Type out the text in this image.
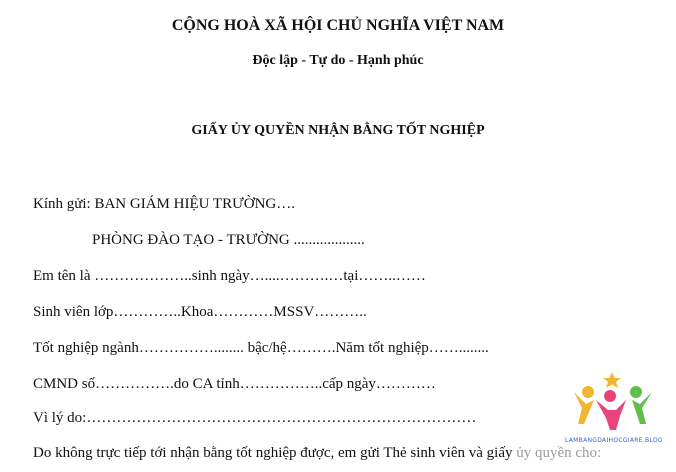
CỘNG HOÀ XÃ HỘI CHỦ NGHĨA VIỆT NAM
Độc lập - Tự do - Hạnh phúc
GIẤY ỦY QUYỀN NHẬN BẰNG TỐT NGHIỆP
Kính gửi: BAN GIÁM HIỆU TRƯỜNG….
PHÒNG ĐÀO TẠO - TRƯỜNG ...................
Em tên là ………………..sinh ngày…....……….…tại……..……
Sinh viên lớp…………..Khoa…………MSSV………..
Tốt nghiệp ngành……………........ bậc/hệ……….Năm tốt nghiệp……........
CMND số…………….do CA tỉnh……………..cấp ngày…………
Vì lý do:……………………………………………………………………
Do không trực tiếp tới nhận bằng tốt nghiệp được, em gửi Thẻ sinh viên và giấy ủy quyền cho:
LAMBANGDAIHOCGIARE.BLOG
